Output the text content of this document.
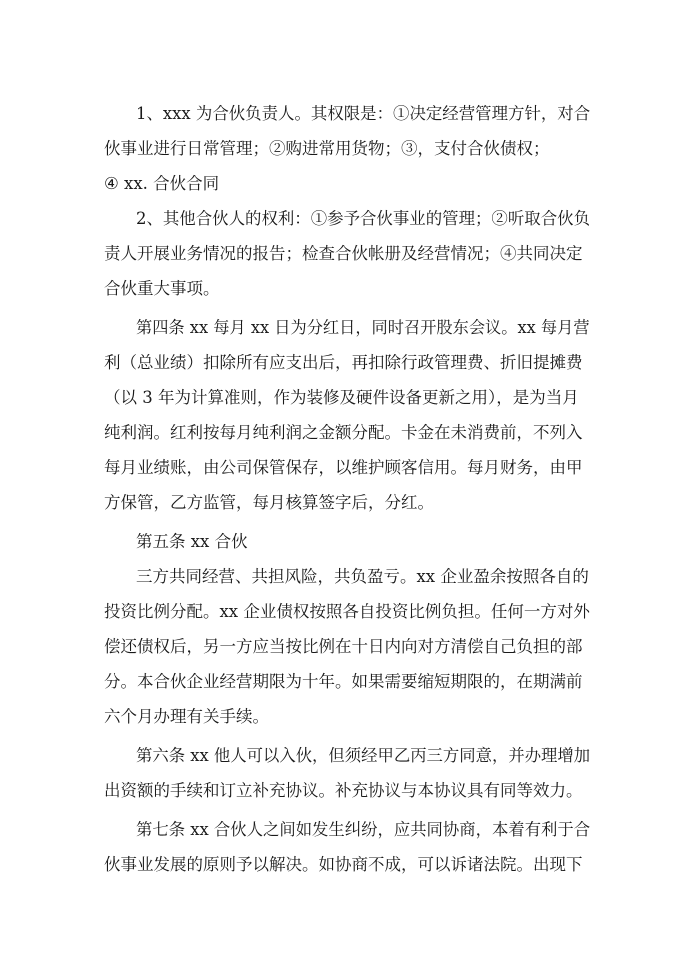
1、xxx 为合伙负责人。其权限是：①决定经营管理方针，对合
伙事业进行日常管理；②购进常用货物；③，支付合伙债权；
④ xx. 合伙合同
2、其他合伙人的权利：①参予合伙事业的管理；②听取合伙负
责人开展业务情况的报告；检查合伙帐册及经营情况；④共同决定
合伙重大事项。
第四条 xx 每月 xx 日为分红日，同时召开股东会议。xx 每月营
利（总业绩）扣除所有应支出后，再扣除行政管理费、折旧提摊费
（以 3 年为计算准则，作为装修及硬件设备更新之用），是为当月
纯利润。红利按每月纯利润之金额分配。卡金在未消费前，不列入
每月业绩账，由公司保管保存，以维护顾客信用。每月财务，由甲
方保管，乙方监管，每月核算签字后，分红。
第五条 xx 合伙
三方共同经营、共担风险，共负盈亏。xx 企业盈余按照各自的
投资比例分配。xx 企业债权按照各自投资比例负担。任何一方对外
偿还债权后，另一方应当按比例在十日内向对方清偿自己负担的部
分。本合伙企业经营期限为十年。如果需要缩短期限的，在期满前
六个月办理有关手续。
第六条 xx 他人可以入伙，但须经甲乙丙三方同意，并办理增加
出资额的手续和订立补充协议。补充协议与本协议具有同等效力。
第七条 xx 合伙人之间如发生纠纷，应共同协商，本着有利于合
伙事业发展的原则予以解决。如协商不成，可以诉诸法院。出现下
